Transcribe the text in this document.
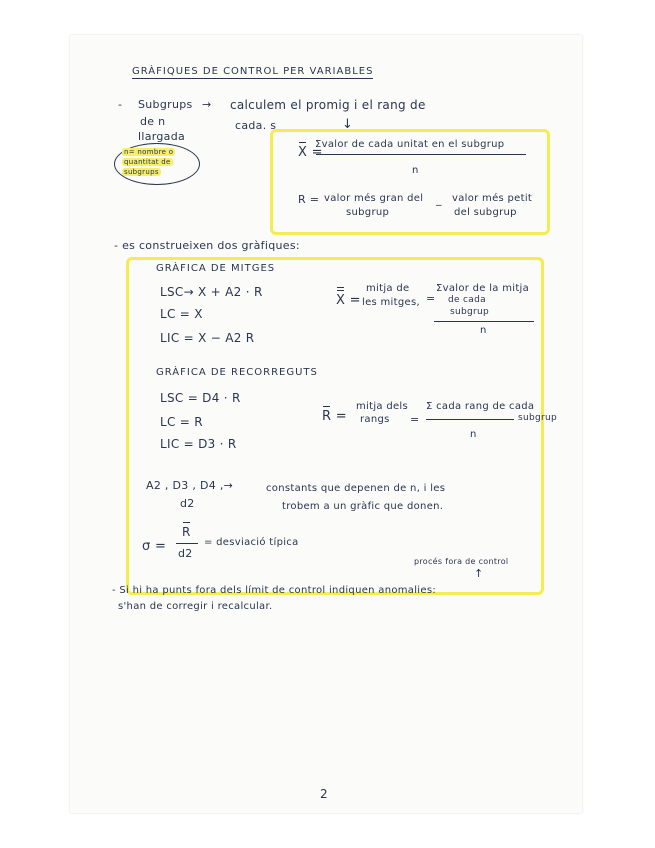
GRÀFIQUES DE CONTROL PER VARIABLES
- Subgrups → calculem el promig i el rang de
de n
llargada
cada. s	↓
n= nombre o
quantitat de
subgrups
X =
Σvalor de cada unitat en el subgrup
n
R = valor més gran del
subgrup
_ valor més petit
del subgrup
- es construeixen dos gràfiques:
GRÀFICA DE MITGES
LSC→ X + A2 · R
LC = X
LIC = X − A2 R
X =
mitja de
les mitges, =
Σvalor de la mitja
de cada
subgrup
n
GRÀFICA DE RECORREGUTS
LSC = D4 · R
LC = R
LIC = D3 · R
R =
mitja dels
rangs =
Σ cada rang de cada
subgrup
n
A2 , D3 , D4 ,→
d2
constants que depenen de n, i les
trobem a un gràfic que donen.
σ =
R
d2
= desviació típica
procés fora de control
↑
- Si hi ha punts fora dels límit de control indiquen anomalies:
s'han de corregir i recalcular.
2
